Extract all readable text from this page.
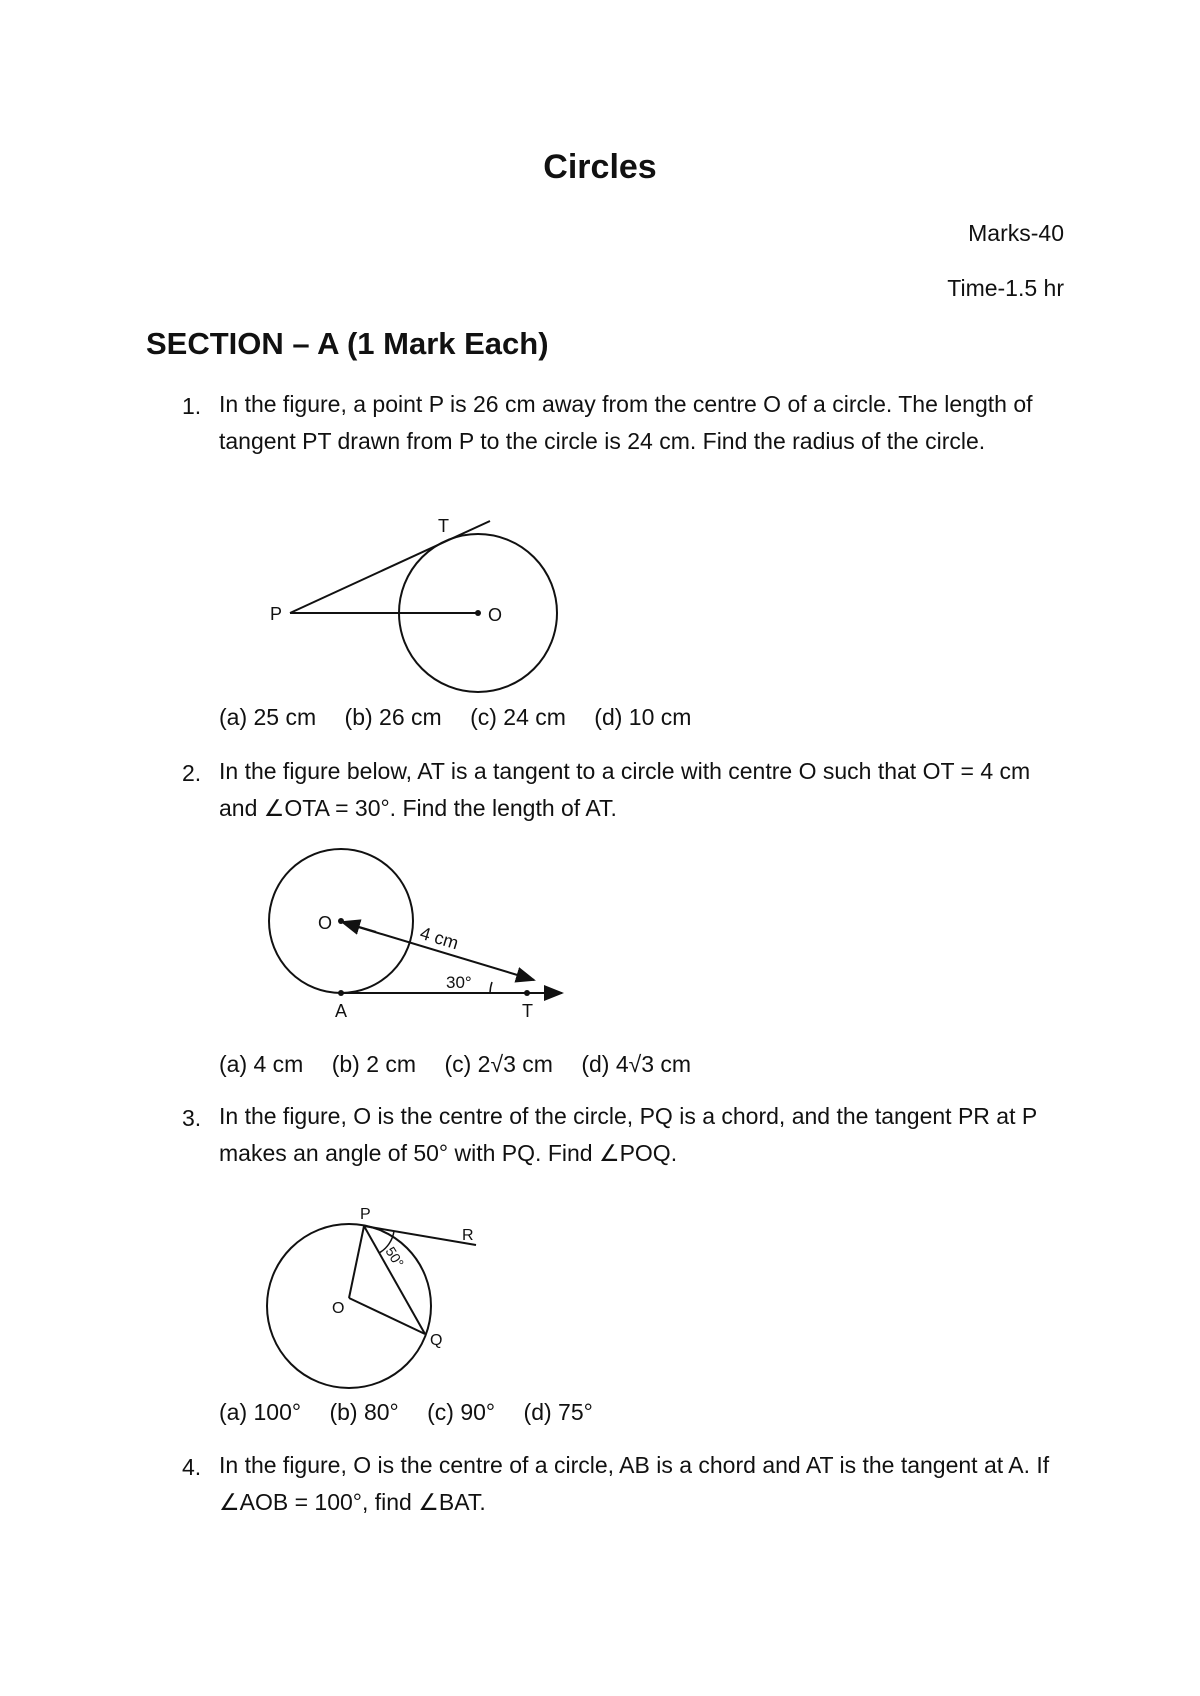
Circles
Marks-40
Time-1.5 hr
SECTION – A (1 Mark Each)
1. In the figure, a point P is 26 cm away from the centre O of a circle. The length of tangent PT drawn from P to the circle is 24 cm. Find the radius of the circle.
T
P	O
(a) 25 cm (b) 26 cm (c) 24 cm (d) 10 cm
2. In the figure below, AT is a tangent to a circle with centre O such that OT = 4 cm and ∠OTA = 30°. Find the length of AT.
O
A	T
4 cm
30°
(a) 4 cm (b) 2 cm (c) 2√3 cm (d) 4√3 cm
3. In the figure, O is the centre of the circle, PQ is a chord, and the tangent PR at P makes an angle of 50° with PQ. Find ∠POQ.
P
R
O
Q
50°
(a) 100° (b) 80° (c) 90° (d) 75°
4. In the figure, O is the centre of a circle, AB is a chord and AT is the tangent at A. If ∠AOB = 100°, find ∠BAT.
